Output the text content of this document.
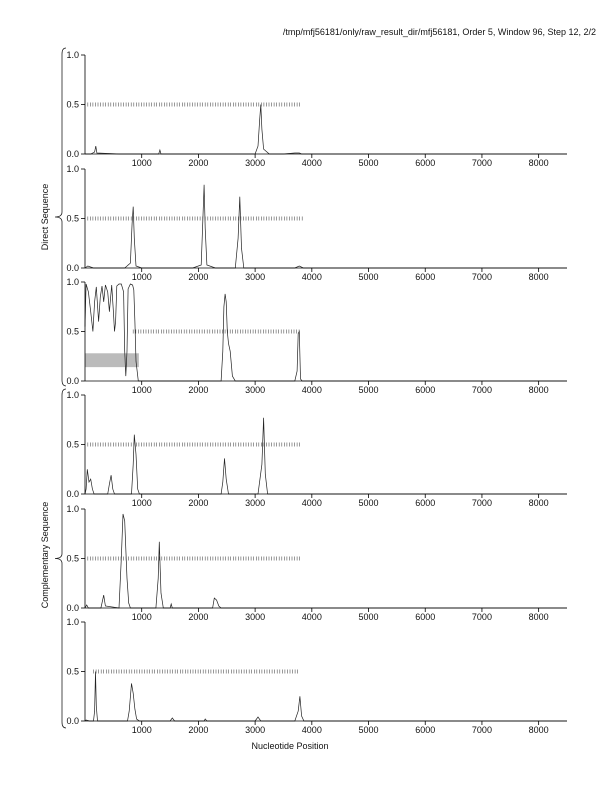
/tmp/mfj56181/only/raw_result_dir/mfj56181, Order 5, Window 96, Step 12, 2/2
0.0
0.5
1.0
1000	2000	3000	4000	5000	6000	7000	8000
0.0
0.5
1.0
1000	2000	3000	4000	5000	6000	7000	8000
0.0
0.5
1.0
1000	2000	3000	4000	5000	6000	7000	8000
0.0
0.5
1.0
1000	2000	3000	4000	5000	6000	7000	8000
0.0
0.5
1.0
1000	2000	3000	4000	5000	6000	7000	8000
0.0
0.5
1.0
1000	2000	3000	4000	5000	6000	7000	8000
Direct Sequence
Complementary Sequence
Nucleotide Position
